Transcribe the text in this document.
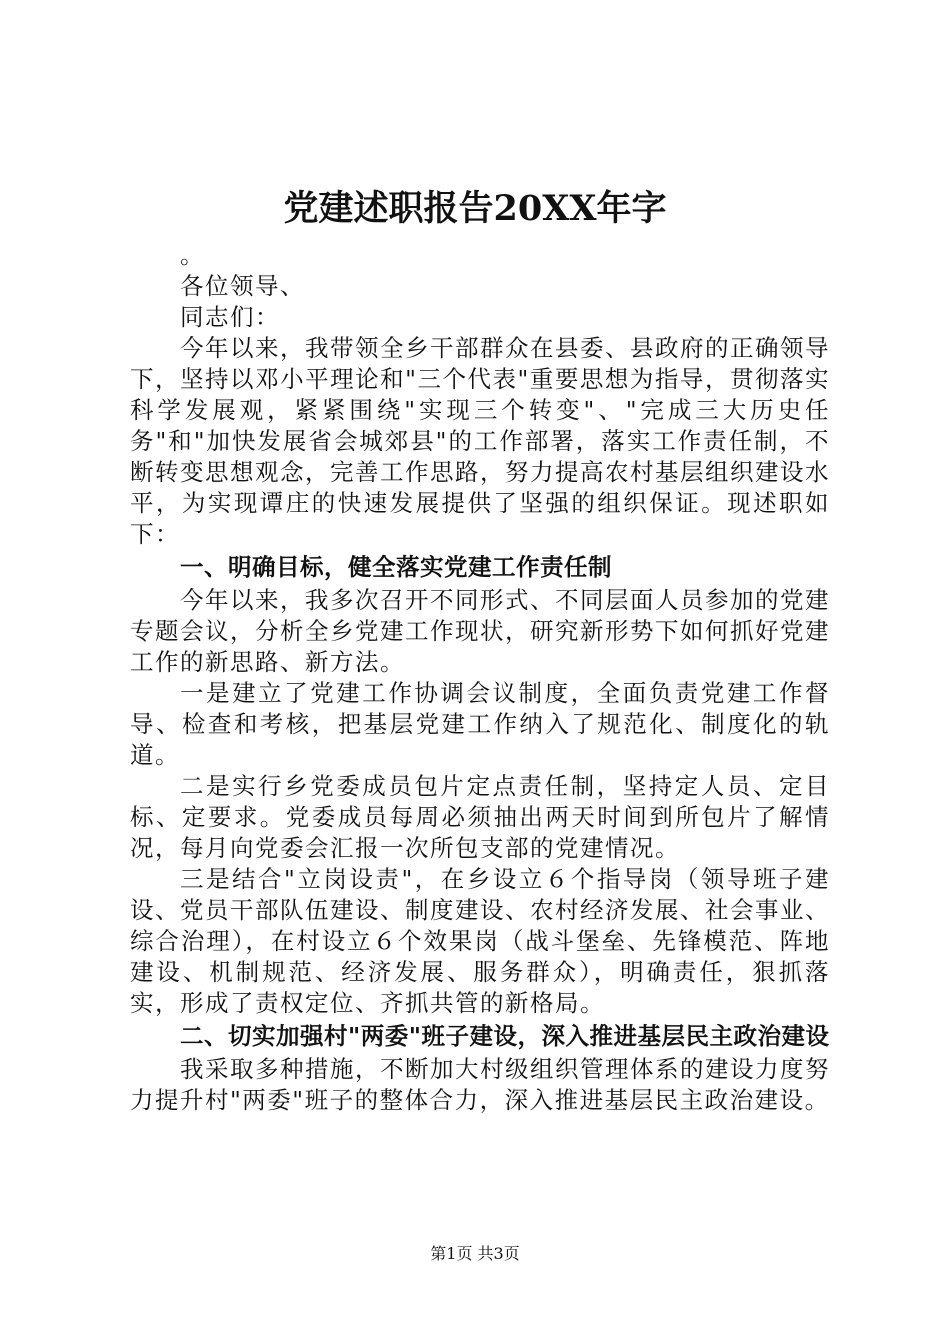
党建述职报告20XX年字

。

各位领导、

同志们：

今年以来，我带领全乡干部群众在县委、县政府的正确领导下，坚持以邓小平理论和"三个代表"重要思想为指导，贯彻落实科学发展观，紧紧围绕"实现三个转变"、"完成三大历史任务"和"加快发展省会城郊县"的工作部署，落实工作责任制，不断转变思想观念，完善工作思路，努力提高农村基层组织建设水平，为实现谭庄的快速发展提供了坚强的组织保证。现述职如下：

一、明确目标，健全落实党建工作责任制

今年以来，我多次召开不同形式、不同层面人员参加的党建专题会议，分析全乡党建工作现状，研究新形势下如何抓好党建工作的新思路、新方法。

一是建立了党建工作协调会议制度，全面负责党建工作督导、检查和考核，把基层党建工作纳入了规范化、制度化的轨道。

二是实行乡党委成员包片定点责任制，坚持定人员、定目标、定要求。党委成员每周必须抽出两天时间到所包片了解情况，每月向党委会汇报一次所包支部的党建情况。

三是结合"立岗设责"，在乡设立６个指导岗（领导班子建设、党员干部队伍建设、制度建设、农村经济发展、社会事业、综合治理），在村设立６个效果岗（战斗堡垒、先锋模范、阵地建设、机制规范、经济发展、服务群众），明确责任，狠抓落实，形成了责权定位、齐抓共管的新格局。

二、切实加强村"两委"班子建设，深入推进基层民主政治建设

我采取多种措施，不断加大村级组织管理体系的建设力度努力提升村"两委"班子的整体合力，深入推进基层民主政治建设。

第1页 共3页
